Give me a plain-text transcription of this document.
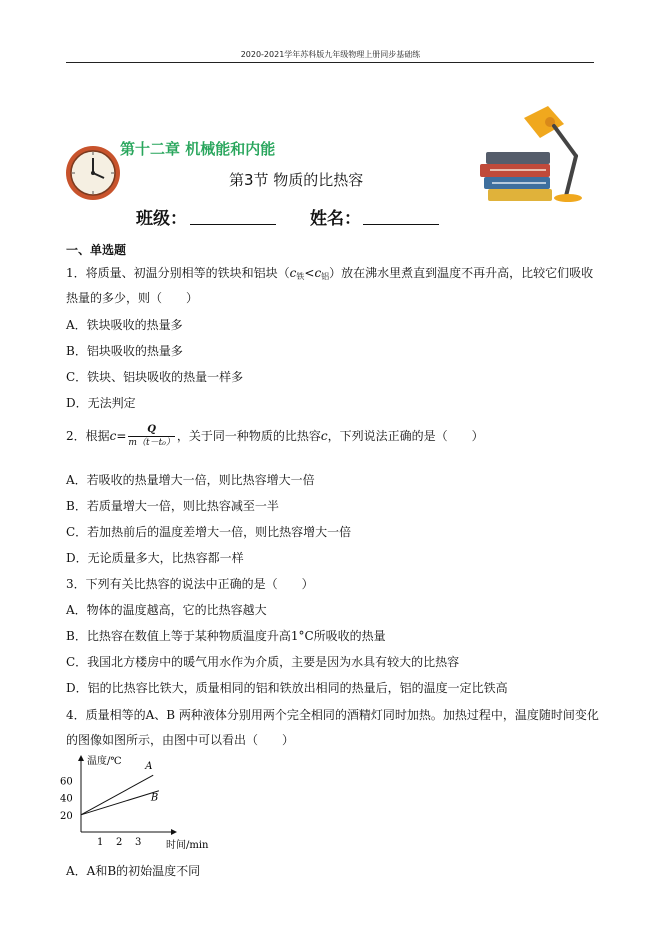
2020-2021学年苏科版九年级物理上册同步基础练
第十二章 机械能和内能
第3节 物质的比热容
班级：	姓名：
一、单选题
1．将质量、初温分别相等的铁块和铝块$(c_铁<c_铝)$放在沸水里煮直到温度不再升高，比较它们吸收
热量的多少，则（　　）
A．铁块吸收的热量多
B．铝块吸收的热量多
C．铁块、铝块吸收的热量一样多
D．无法判定
2．根据$c= \frac{Q}{\text{m（t－t₀）}}$ ，关于同一种物质的比热容c，下列说法正确的是（　　）
A．若吸收的热量增大一倍，则比热容增大一倍
B．若质量增大一倍，则比热容减至一半
C．若加热前后的温度差增大一倍，则比热容增大一倍
D．无论质量多大，比热容都一样
3．下列有关比热容的说法中正确的是（　　）
A．物体的温度越高，它的比热容越大
B．比热容在数值上等于某种物质温度升高1°C所吸收的热量
C．我国北方楼房中的暖气用水作为介质，主要是因为水具有较大的比热容
D．铝的比热容比铁大，质量相同的铝和铁放出相同的热量后，铝的温度一定比铁高
4．质量相等的A、B 两种液体分别用两个完全相同的酒精灯同时加热。加热过程中，温度随时间变化
的图像如图所示，由图中可以看出（　　）
温度/℃
时间/min
1 2 3
20
40
60
A
B
A．A和B的初始温度不同
